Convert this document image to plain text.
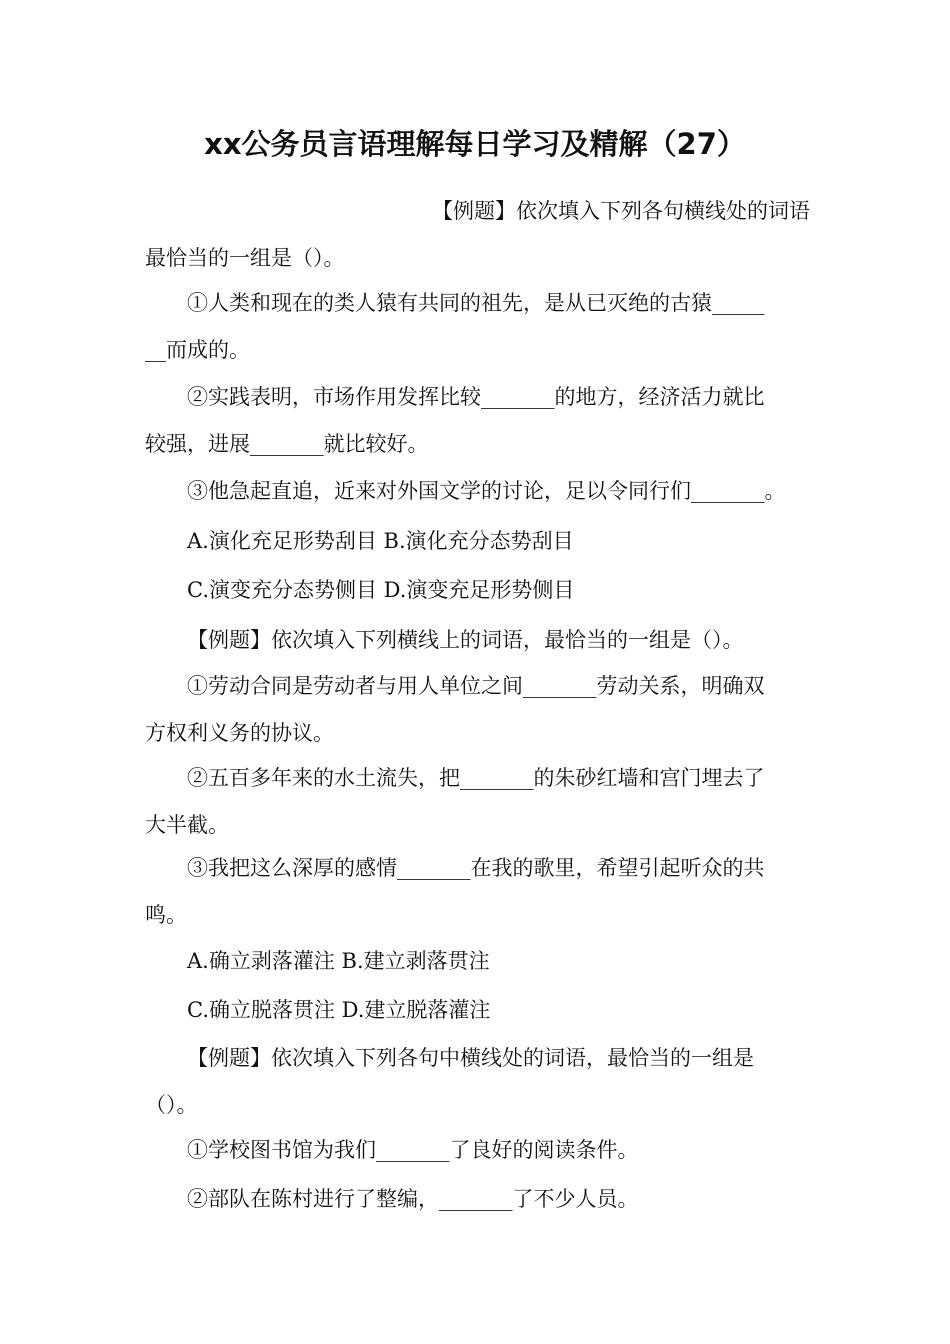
xx公务员言语理解每日学习及精解（27）

【例题】依次填入下列各句横线处的词语
最恰当的一组是（）。

①人类和现在的类人猿有共同的祖先，是从已灭绝的古猿_____
__而成的。

②实践表明，市场作用发挥比较_______的地方，经济活力就比
较强，进展_______就比较好。

③他急起直追，近来对外国文学的讨论，足以令同行们_______。

A.演化充足形势刮目 B.演化充分态势刮目

C.演变充分态势侧目 D.演变充足形势侧目

【例题】依次填入下列横线上的词语，最恰当的一组是（）。

①劳动合同是劳动者与用人单位之间_______劳动关系，明确双
方权利义务的协议。

②五百多年来的水土流失，把_______的朱砂红墙和宫门埋去了
大半截。

③我把这么深厚的感情_______在我的歌里，希望引起听众的共
鸣。

A.确立剥落灌注 B.建立剥落贯注

C.确立脱落贯注 D.建立脱落灌注

【例题】依次填入下列各句中横线处的词语，最恰当的一组是
（）。

①学校图书馆为我们_______了良好的阅读条件。

②部队在陈村进行了整编，_______了不少人员。
